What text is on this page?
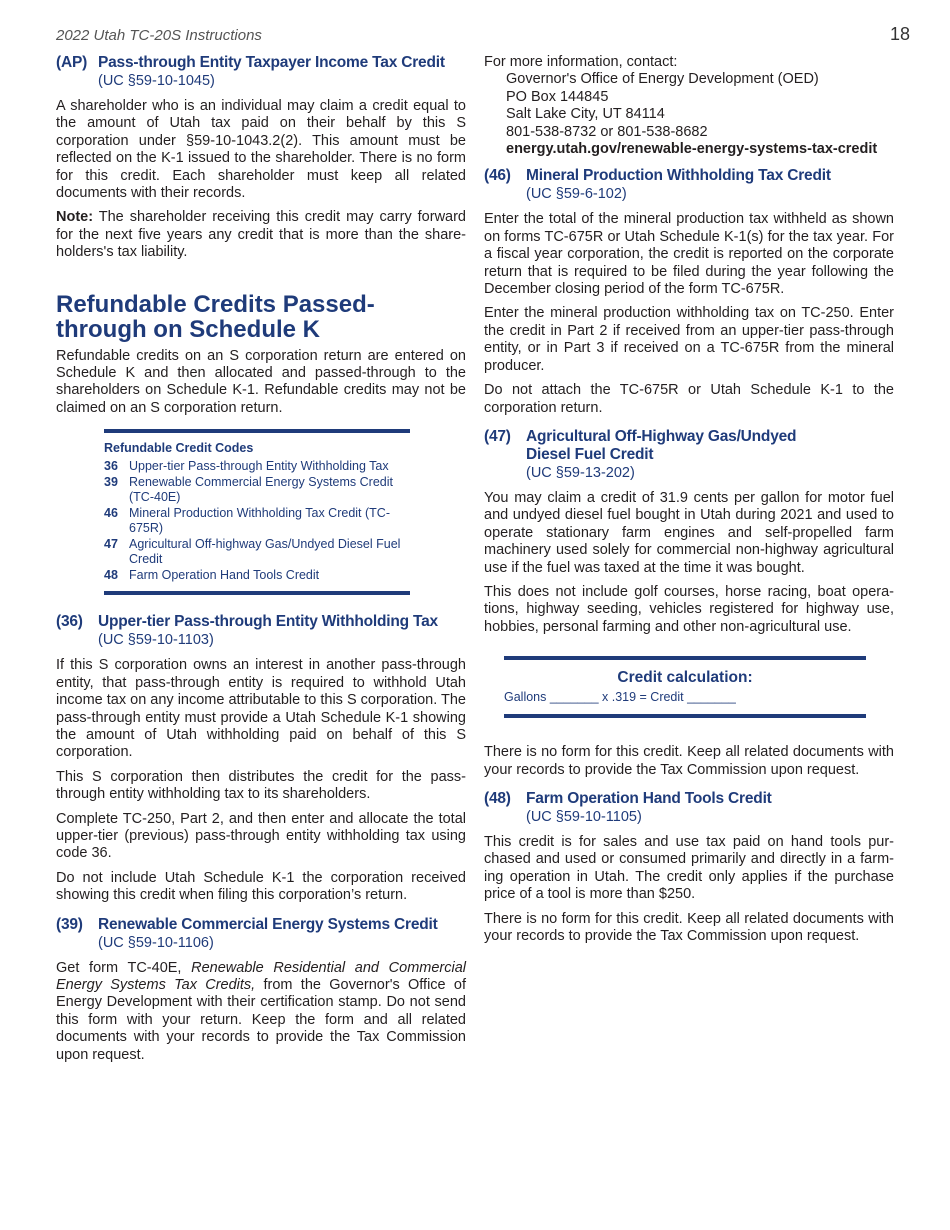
2022 Utah TC-20S Instructions	18
(AP) Pass-through Entity Taxpayer Income Tax Credit
(UC §59-10-1045)

A shareholder who is an individual may claim a credit equal to the amount of Utah tax paid on their behalf by this S corporation under §59-10-1043.2(2). This amount must be reflected on the K-1 issued to the shareholder. There is no form for this credit. Each shareholder must keep all related documents with their records.

Note: The shareholder receiving this credit may carry forward for the next five years any credit that is more than the share-holders's tax liability.

Refundable Credits Passed-
through on Schedule K

Refundable credits on an S corporation return are entered on Schedule K and then allocated and passed-through to the shareholders on Schedule K-1. Refundable credits may not be claimed on an S corporation return.

Refundable Credit Codes
36 Upper-tier Pass-through Entity Withholding Tax
39 Renewable Commercial Energy Systems Credit (TC-40E)
46 Mineral Production Withholding Tax Credit (TC-675R)
47 Agricultural Off-highway Gas/Undyed Diesel Fuel Credit
48 Farm Operation Hand Tools Credit
(36) Upper-tier Pass-through Entity Withholding Tax
(UC §59-10-1103)

If this S corporation owns an interest in another pass-through entity, that pass-through entity is required to withhold Utah income tax on any income attributable to this S corporation. The pass-through entity must provide a Utah Schedule K-1 showing the amount of Utah withholding paid on behalf of this S corporation.

This S corporation then distributes the credit for the pass-through entity withholding tax to its shareholders.

Complete TC-250, Part 2, and then enter and allocate the total upper-tier (previous) pass-through entity withholding tax using code 36.

Do not include Utah Schedule K-1 the corporation received showing this credit when filing this corporation’s return.

(39) Renewable Commercial Energy Systems Credit
(UC §59-10-1106)

Get form TC-40E, Renewable Residential and Commercial Energy Systems Tax Credits, from the Governor's Office of Energy Development with their certification stamp. Do not send this form with your return. Keep the form and all related documents with your records to provide the Tax Commission upon request.

For more information, contact:
Governor's Office of Energy Development (OED)
PO Box 144845
Salt Lake City, UT 84114
801-538-8732 or 801-538-8682
energy.utah.gov/renewable-energy-systems-tax-credit
(46) Mineral Production Withholding Tax Credit
(UC §59-6-102)

Enter the total of the mineral production tax withheld as shown on forms TC-675R or Utah Schedule K-1(s) for the tax year. For a fiscal year corporation, the credit is reported on the corporate return that is required to be filed during the year following the December closing period of the form TC-675R.

Enter the mineral production withholding tax on TC-250. Enter the credit in Part 2 if received from an upper-tier pass-through entity, or in Part 3 if received on a TC-675R from the mineral producer.

Do not attach the TC-675R or Utah Schedule K-1 to the corporation return.

(47) Agricultural Off-Highway Gas/Undyed
Diesel Fuel Credit
(UC §59-13-202)

You may claim a credit of 31.9 cents per gallon for motor fuel and undyed diesel fuel bought in Utah during 2021 and used to operate stationary farm engines and self-propelled farm machinery used solely for commercial non-highway agricultural use if the fuel was taxed at the time it was bought.

This does not include golf courses, horse racing, boat opera-tions, highway seeding, vehicles registered for highway use, hobbies, personal farming and other non-agricultural use.

Credit calculation:
Gallons _______ x .319 = Credit _______

There is no form for this credit. Keep all related documents with your records to provide the Tax Commission upon request.

(48) Farm Operation Hand Tools Credit
(UC §59-10-1105)

This credit is for sales and use tax paid on hand tools pur-chased and used or consumed primarily and directly in a farm-ing operation in Utah. The credit only applies if the purchase price of a tool is more than $250.

There is no form for this credit. Keep all related documents with your records to provide the Tax Commission upon request.
